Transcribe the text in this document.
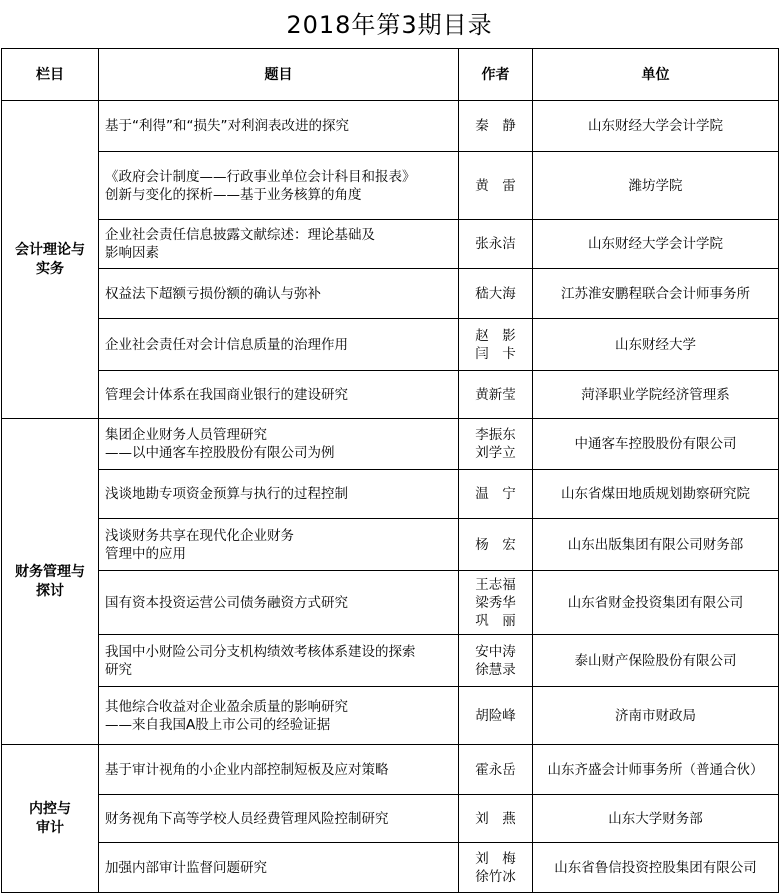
2018年第3期目录
栏目	题目	作者	单位
会计理论与
实务	基于“利得”和“损失”对利润表改进的探究	秦　静	山东财经大学会计学院
	《政府会计制度——行政事业单位会计科目和报表》
创新与变化的探析——基于业务核算的角度	黄　雷	潍坊学院
	企业社会责任信息披露文献综述：理论基础及
影响因素	张永洁	山东财经大学会计学院
	权益法下超额亏损份额的确认与弥补	嵇大海	江苏淮安鹏程联合会计师事务所
	企业社会责任对会计信息质量的治理作用	赵　影
闫　卡	山东财经大学
	管理会计体系在我国商业银行的建设研究	黄新莹	菏泽职业学院经济管理系
财务管理与
探讨	集团企业财务人员管理研究
——以中通客车控股股份有限公司为例	李振东
刘学立	中通客车控股股份有限公司
	浅谈地勘专项资金预算与执行的过程控制	温　宁	山东省煤田地质规划勘察研究院
	浅谈财务共享在现代化企业财务
管理中的应用	杨　宏	山东出版集团有限公司财务部
	国有资本投资运营公司债务融资方式研究	王志福
梁秀华
巩　丽	山东省财金投资集团有限公司
	我国中小财险公司分支机构绩效考核体系建设的探索
研究	安中涛
徐慧录	泰山财产保险股份有限公司
	其他综合收益对企业盈余质量的影响研究
——来自我国A股上市公司的经验证据	胡险峰	济南市财政局
内控与
审计	基于审计视角的小企业内部控制短板及应对策略	霍永岳	山东齐盛会计师事务所（普通合伙）
	财务视角下高等学校人员经费管理风险控制研究	刘　燕	山东大学财务部
	加强内部审计监督问题研究	刘　梅
徐竹冰	山东省鲁信投资控股集团有限公司
